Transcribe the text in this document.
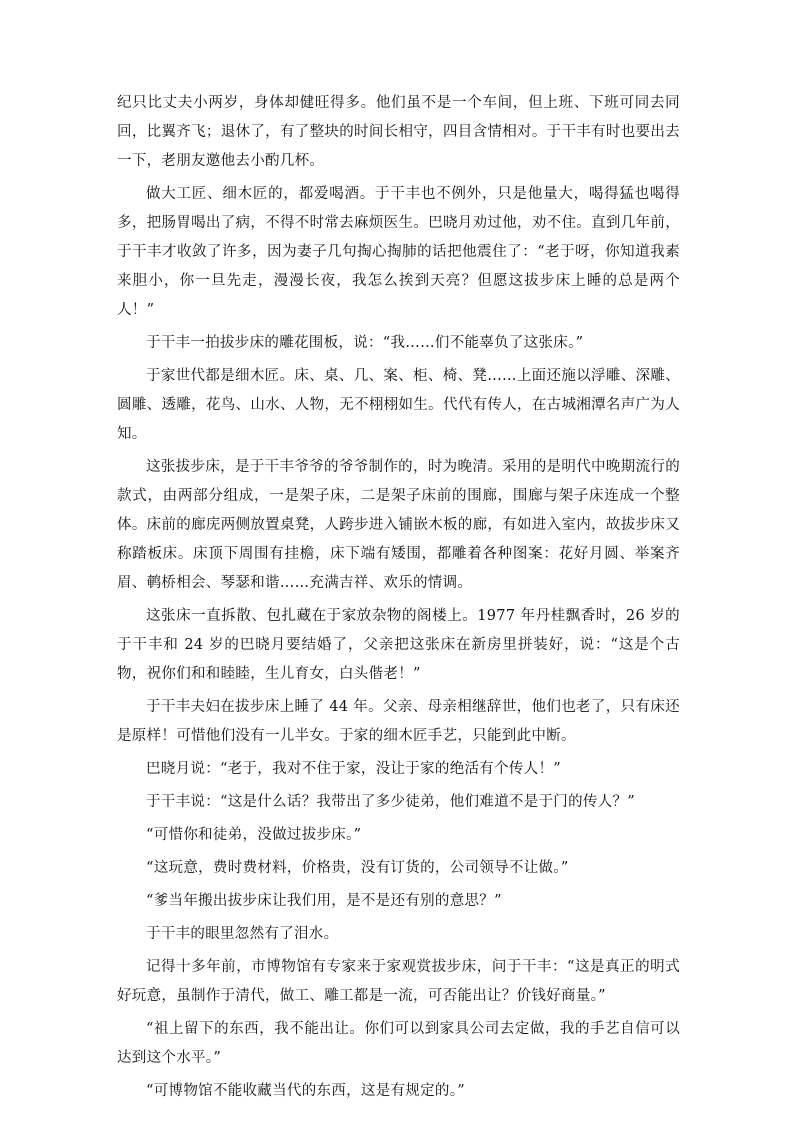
纪只比丈夫小两岁，身体却健旺得多。他们虽不是一个车间，但上班、下班可同去同回，比翼齐飞；退休了，有了整块的时间长相守，四目含情相对。于干丰有时也要出去一下，老朋友邀他去小酌几杯。

做大工匠、细木匠的，都爱喝酒。于干丰也不例外，只是他量大，喝得猛也喝得多，把肠胃喝出了病，不得不时常去麻烦医生。巴晓月劝过他，劝不住。直到几年前，于干丰才收敛了许多，因为妻子几句掏心掏肺的话把他震住了：“老于呀，你知道我素来胆小，你一旦先走，漫漫长夜，我怎么挨到天亮？但愿这拔步床上睡的总是两个人！”

于干丰一拍拔步床的雕花围板，说：“我……们不能辜负了这张床。”

于家世代都是细木匠。床、桌、几、案、柜、椅、凳……上面还施以浮雕、深雕、圆雕、透雕，花鸟、山水、人物，无不栩栩如生。代代有传人，在古城湘潭名声广为人知。

这张拔步床，是于干丰爷爷的爷爷制作的，时为晚清。采用的是明代中晚期流行的款式，由两部分组成，一是架子床，二是架子床前的围廊，围廊与架子床连成一个整体。床前的廊庑两侧放置桌凳，人跨步进入铺嵌木板的廊，有如进入室内，故拔步床又称踏板床。床顶下周围有挂檐，床下端有矮围，都雕着各种图案：花好月圆、举案齐眉、鹌桥相会、琴瑟和谐……充满吉祥、欢乐的情调。

这张床一直拆散、包扎藏在于家放杂物的阁楼上。1977 年丹桂飘香时，26 岁的于干丰和 24 岁的巴晓月要结婚了，父亲把这张床在新房里拼装好，说：“这是个古物，祝你们和和睦睦，生儿育女，白头偕老！”

于干丰夫妇在拔步床上睡了 44 年。父亲、母亲相继辞世，他们也老了，只有床还是原样！可惜他们没有一儿半女。于家的细木匠手艺，只能到此中断。

巴晓月说：“老于，我对不住于家，没让于家的绝活有个传人！”

于干丰说：“这是什么话？我带出了多少徒弟，他们难道不是于门的传人？”

“可惜你和徒弟，没做过拔步床。”

“这玩意，费时费材料，价格贵，没有订货的，公司领导不让做。”

“爹当年搬出拔步床让我们用，是不是还有别的意思？”

于干丰的眼里忽然有了泪水。

记得十多年前，市博物馆有专家来于家观赏拔步床，问于干丰：“这是真正的明式好玩意，虽制作于清代，做工、雕工都是一流，可否能出让？价钱好商量。”

“祖上留下的东西，我不能出让。你们可以到家具公司去定做，我的手艺自信可以达到这个水平。”

“可博物馆不能收藏当代的东西，这是有规定的。”
